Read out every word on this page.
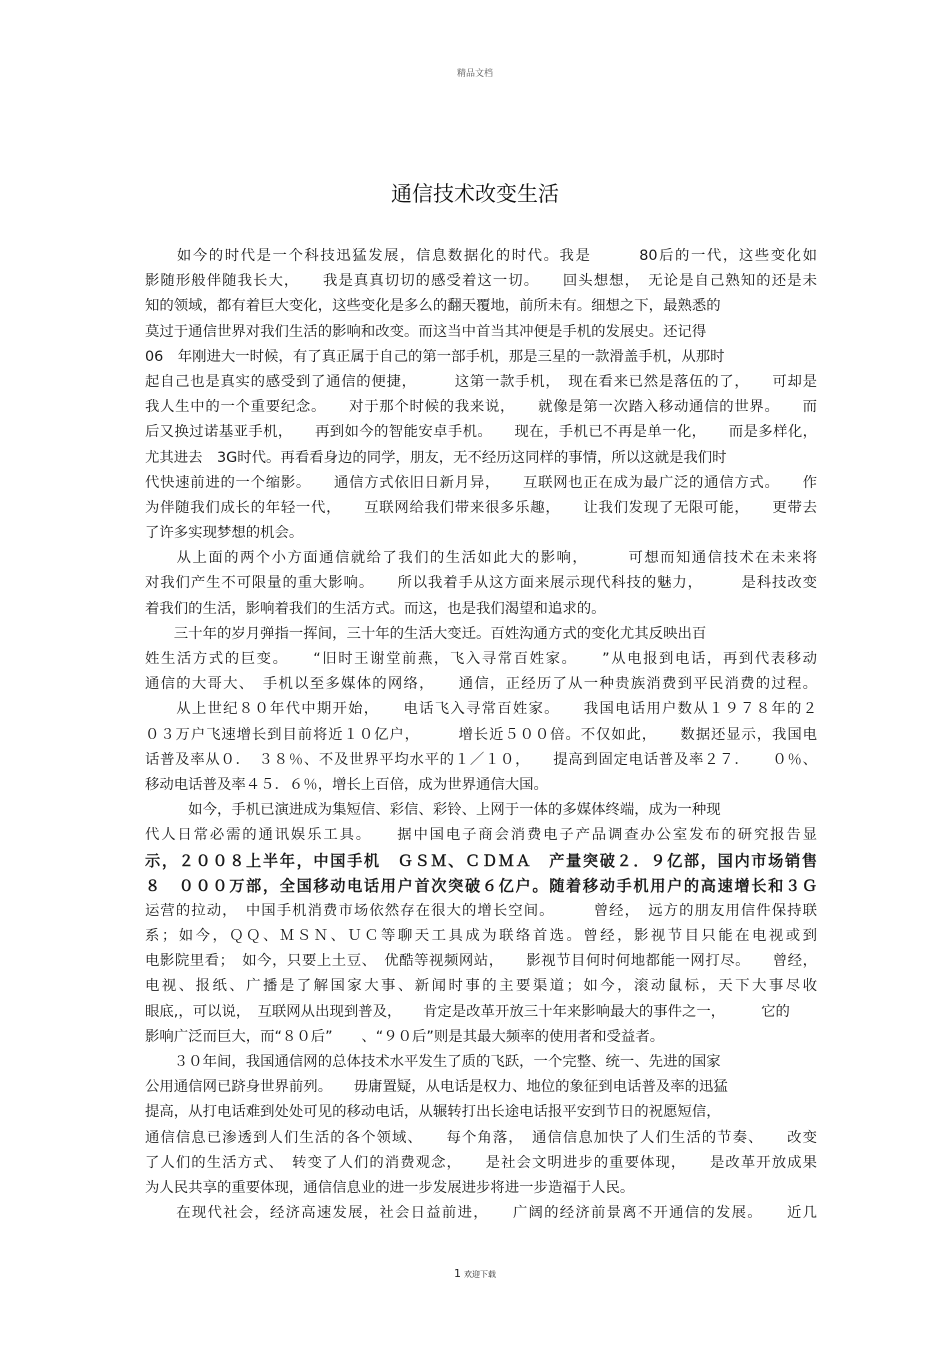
精品文档
通信技术改变生活
　　如今的时代是一个科技迅猛发展，信息数据化的时代。我是　　　80后的一代，这些变化如
影随形般伴随我长大，　　我是真真切切的感受着这一切。　　回头想想，　无论是自己熟知的还是未
知的领域，都有着巨大变化，这些变化是多么的翻天覆地，前所未有。细想之下，最熟悉的
莫过于通信世界对我们生活的影响和改变。而这当中首当其冲便是手机的发展史。还记得
06　年刚进大一时候，有了真正属于自己的第一部手机，那是三星的一款滑盖手机，从那时
起自己也是真实的感受到了通信的便捷，　　　这第一款手机，　现在看来已然是落伍的了，　　可却是
我人生中的一个重要纪念。　　对于那个时候的我来说，　　就像是第一次踏入移动通信的世界。　　而
后又换过诺基亚手机，　　再到如今的智能安卓手机。　　现在，手机已不再是单一化，　　而是多样化，
尤其进去　3G时代。再看看身边的同学，朋友，无不经历这同样的事情，所以这就是我们时
代快速前进的一个缩影。　　通信方式依旧日新月异，　　互联网也正在成为最广泛的通信方式。　　作
为伴随我们成长的年轻一代，　　互联网给我们带来很多乐趣，　　让我们发现了无限可能，　　更带去
了许多实现梦想的机会。
　　从上面的两个小方面通信就给了我们的生活如此大的影响，　　　可想而知通信技术在未来将
对我们产生不可限量的重大影响。　　所以我着手从这方面来展示现代科技的魅力，　　　是科技改变
着我们的生活，影响着我们的生活方式。而这，也是我们渴望和追求的。
　　三十年的岁月弹指一挥间，三十年的生活大变迁。百姓沟通方式的变化尤其反映出百
姓生活方式的巨变。　　“旧时王谢堂前燕，飞入寻常百姓家。　　”从电报到电话，再到代表移动
通信的大哥大、　手机以至多媒体的网络，　　通信，正经历了从一种贵族消费到平民消费的过程。
　　从上世纪８０年代中期开始，　　电话飞入寻常百姓家。　　我国电话用户数从１９７８年的２
０３万户飞速增长到目前将近１０亿户，　　　增长近５００倍。不仅如此，　　数据还显示，我国电
话普及率从０．　３８％、不及世界平均水平的１／１０，　　提高到固定电话普及率２７．　　０％、
移动电话普及率４５．６％，增长上百倍，成为世界通信大国。
　　　如今，手机已演进成为集短信、彩信、彩铃、上网于一体的多媒体终端，成为一种现
代人日常必需的通讯娱乐工具。　　据中国电子商会消费电子产品调查办公室发布的研究报告显
示，２００８上半年，中国手机　ＧＳＭ、ＣＤＭＡ　产量突破２．９亿部，国内市场销售
８　０００万部，全国移动电话用户首次突破６亿户。随着移动手机用户的高速增长和３Ｇ
运营的拉动，　中国手机消费市场依然存在很大的增长空间。　　　曾经，　远方的朋友用信件保持联
系；如今，ＱＱ、ＭＳＮ、ＵＣ等聊天工具成为联络首选。曾经，影视节目只能在电视或到
电影院里看；　如今，只要上土豆、　优酷等视频网站，　　影视节目何时何地都能一网打尽。　　曾经，
电视、报纸、广播是了解国家大事、新闻时事的主要渠道；如今，滚动鼠标，天下大事尽收
眼底,，可以说，　互联网从出现到普及，　　肯定是改革开放三十年来影响最大的事件之一，　　　它的
影响广泛而巨大，而“８０后”　　、“９０后”则是其最大频率的使用者和受益者。
　　３０年间，我国通信网的总体技术水平发生了质的飞跃，一个完整、统一、先进的国家
公用通信网已跻身世界前列。　　毋庸置疑，从电话是权力、地位的象征到电话普及率的迅猛
提高，从打电话难到处处可见的移动电话，从辗转打出长途电话报平安到节日的祝愿短信，
通信信息已渗透到人们生活的各个领域、　　每个角落，　通信信息加快了人们生活的节奏、　　改变
了人们的生活方式、　转变了人们的消费观念，　　是社会文明进步的重要体现，　　是改革开放成果
为人民共享的重要体现，通信信息业的进一步发展进步将进一步造福于人民。
　　在现代社会，经济高速发展，社会日益前进，　　广阔的经济前景离不开通信的发展。　　近几
1 欢迎下载
